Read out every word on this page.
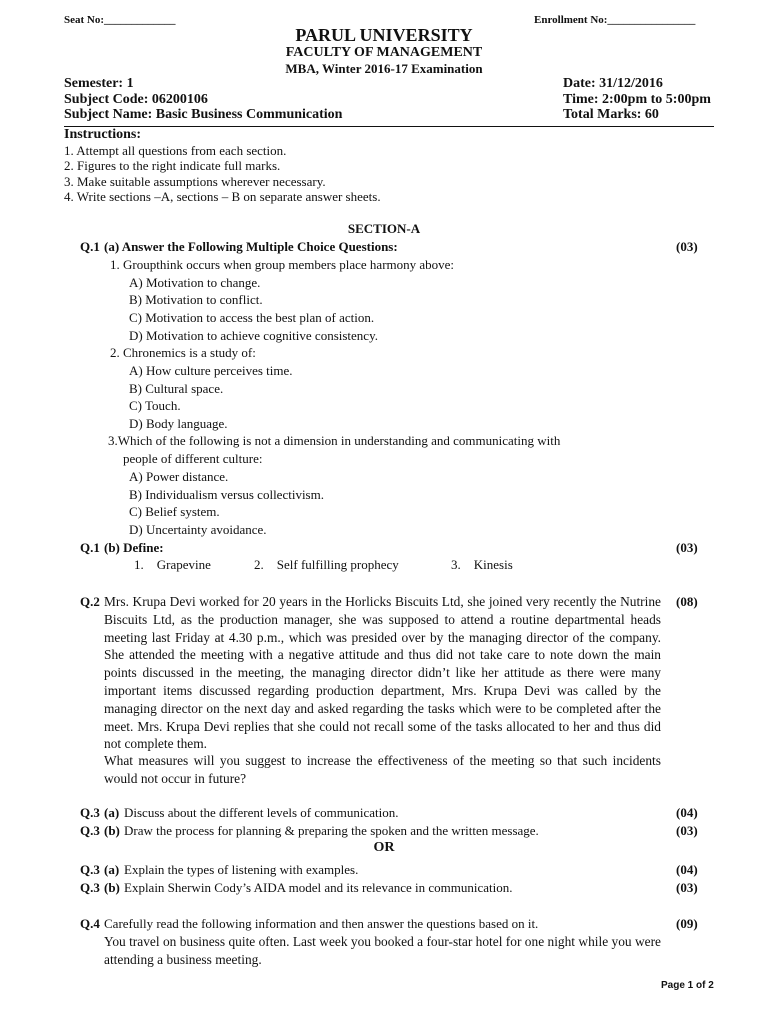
Seat No:_____________	Enrollment No:________________
PARUL UNIVERSITY
FACULTY OF MANAGEMENT
MBA, Winter 2016-17 Examination
Semester: 1
Subject Code: 06200106
Subject Name: Basic Business Communication
Date: 31/12/2016
Time: 2:00pm to 5:00pm
Total Marks: 60
Instructions:
1. Attempt all questions from each section.
2. Figures to the right indicate full marks.
3. Make suitable assumptions wherever necessary.
4. Write sections –A, sections – B on separate answer sheets.
SECTION-A
Q.1 (a) Answer the Following Multiple Choice Questions:	(03)
1. Groupthink occurs when group members place harmony above:
A) Motivation to change.
B) Motivation to conflict.
C) Motivation to access the best plan of action.
D) Motivation to achieve cognitive consistency.
2. Chronemics is a study of:
A) How culture perceives time.
B) Cultural space.
C) Touch.
D) Body language.
3.Which of the following is not a dimension in understanding and communicating with
people of different culture:
A) Power distance.
B) Individualism versus collectivism.
C) Belief system.
D) Uncertainty avoidance.
Q.1 (b) Define:	(03)
1. Grapevine	2. Self fulfilling prophecy	3. Kinesis
Q.2	(08)
Mrs. Krupa Devi worked for 20 years in the Horlicks Biscuits Ltd, she joined very recently the Nutrine Biscuits Ltd, as the production manager, she was supposed to attend a routine departmental heads meeting last Friday at 4.30 p.m., which was presided over by the managing director of the company. She attended the meeting with a negative attitude and thus did not take care to note down the main points discussed in the meeting, the managing director didn’t like her attitude as there were many important items discussed regarding production department, Mrs. Krupa Devi was called by the managing director on the next day and asked regarding the tasks which were to be completed after the meet. Mrs. Krupa Devi replies that she could not recall some of the tasks allocated to her and thus did not complete them.
What measures will you suggest to increase the effectiveness of the meeting so that such incidents would not occur in future?
Q.3 (a) Discuss about the different levels of communication.	(04)
Q.3 (b) Draw the process for planning & preparing the spoken and the written message.	(03)
OR
Q.3 (a) Explain the types of listening with examples.	(04)
Q.3 (b) Explain Sherwin Cody’s AIDA model and its relevance in communication.	(03)
Q.4 Carefully read the following information and then answer the questions based on it.	(09)
You travel on business quite often. Last week you booked a four-star hotel for one night while you were attending a business meeting.
Page 1 of 2
